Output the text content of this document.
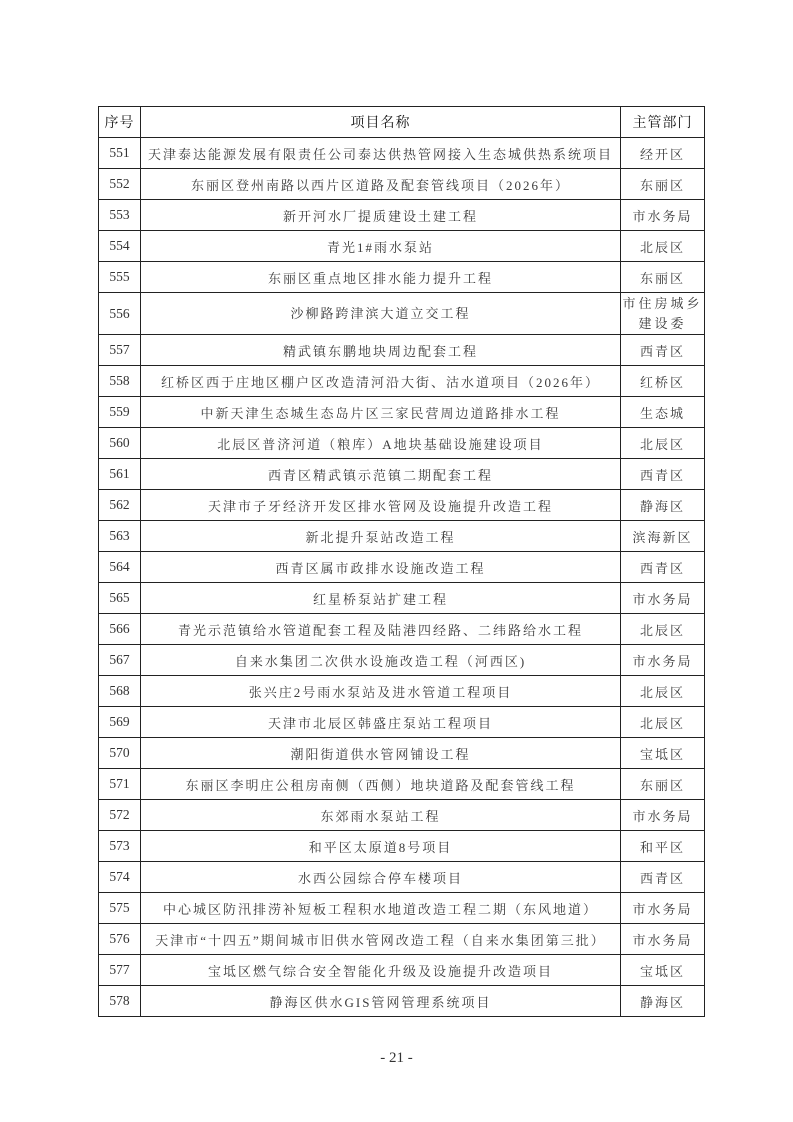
序号	项目名称	主管部门
551	天津泰达能源发展有限责任公司泰达供热管网接入生态城供热系统项目	经开区
552	东丽区登州南路以西片区道路及配套管线项目（2026年）	东丽区
553	新开河水厂提质建设土建工程	市水务局
554	青光1#雨水泵站	北辰区
555	东丽区重点地区排水能力提升工程	东丽区
556	沙柳路跨津滨大道立交工程	市住房城乡建设委
557	精武镇东鹏地块周边配套工程	西青区
558	红桥区西于庄地区棚户区改造清河沿大街、沽水道项目（2026年）	红桥区
559	中新天津生态城生态岛片区三家民营周边道路排水工程	生态城
560	北辰区普济河道（粮库）A地块基础设施建设项目	北辰区
561	西青区精武镇示范镇二期配套工程	西青区
562	天津市子牙经济开发区排水管网及设施提升改造工程	静海区
563	新北提升泵站改造工程	滨海新区
564	西青区属市政排水设施改造工程	西青区
565	红星桥泵站扩建工程	市水务局
566	青光示范镇给水管道配套工程及陆港四经路、二纬路给水工程	北辰区
567	自来水集团二次供水设施改造工程（河西区)	市水务局
568	张兴庄2号雨水泵站及进水管道工程项目	北辰区
569	天津市北辰区韩盛庄泵站工程项目	北辰区
570	潮阳街道供水管网铺设工程	宝坻区
571	东丽区李明庄公租房南侧（西侧）地块道路及配套管线工程	东丽区
572	东郊雨水泵站工程	市水务局
573	和平区太原道8号项目	和平区
574	水西公园综合停车楼项目	西青区
575	中心城区防汛排涝补短板工程积水地道改造工程二期（东风地道）	市水务局
576	天津市“十四五”期间城市旧供水管网改造工程（自来水集团第三批）	市水务局
577	宝坻区燃气综合安全智能化升级及设施提升改造项目	宝坻区
578	静海区供水GIS管网管理系统项目	静海区
- 21 -
